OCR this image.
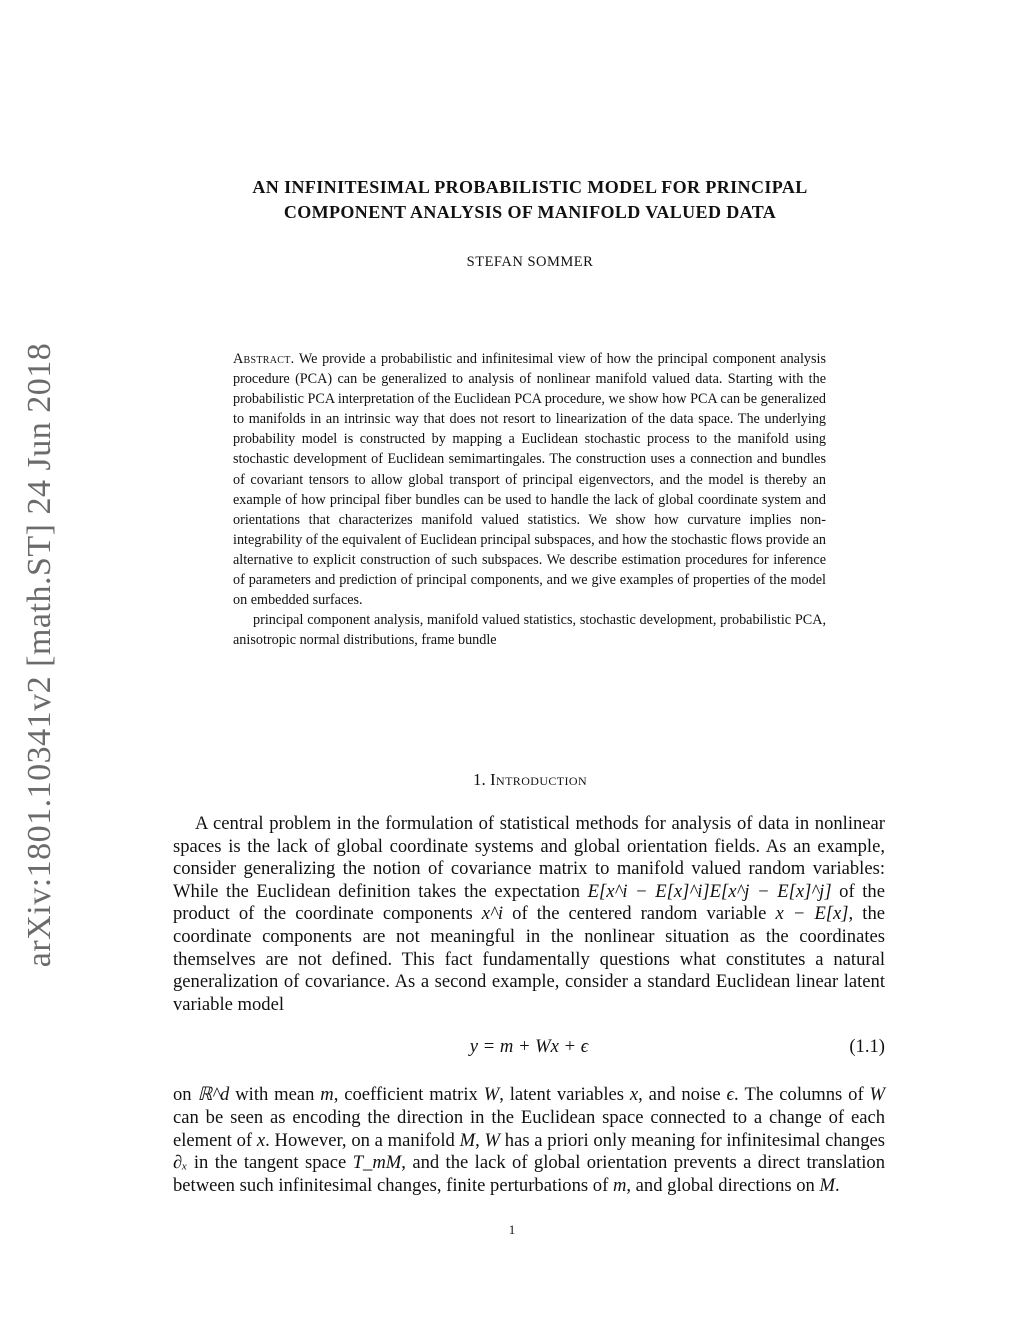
arXiv:1801.10341v2 [math.ST] 24 Jun 2018
AN INFINITESIMAL PROBABILISTIC MODEL FOR PRINCIPAL
COMPONENT ANALYSIS OF MANIFOLD VALUED DATA
STEFAN SOMMER

Abstract. We provide a probabilistic and infinitesimal view of how the principal component analysis procedure (PCA) can be generalized to analysis of nonlinear manifold valued data. Starting with the probabilistic PCA interpretation of the Euclidean PCA procedure, we show how PCA can be generalized to manifolds in an intrinsic way that does not resort to linearization of the data space. The underlying probability model is constructed by mapping a Euclidean stochastic process to the manifold using stochastic development of Euclidean semimartingales. The construction uses a connection and bundles of covariant tensors to allow global transport of principal eigenvectors, and the model is thereby an example of how principal fiber bundles can be used to handle the lack of global coordinate system and orientations that characterizes manifold valued statistics. We show how curvature implies non-integrability of the equivalent of Euclidean principal subspaces, and how the stochastic flows provide an alternative to explicit construction of such subspaces. We describe estimation procedures for inference of parameters and prediction of principal components, and we give examples of properties of the model on embedded surfaces.

principal component analysis, manifold valued statistics, stochastic development, probabilistic PCA, anisotropic normal distributions, frame bundle

1. Introduction

A central problem in the formulation of statistical methods for analysis of data in nonlinear spaces is the lack of global coordinate systems and global orientation fields. As an example, consider generalizing the notion of covariance matrix to manifold valued random variables: While the Euclidean definition takes the expectation E[x^i − E[x]^i]E[x^j − E[x]^j] of the product of the coordinate components x^i of the centered random variable x − E[x], the coordinate components are not meaningful in the nonlinear situation as the coordinates themselves are not defined. This fact fundamentally questions what constitutes a natural generalization of covariance. As a second example, consider a standard Euclidean linear latent variable model

y = m + Wx + ϵ	(1.1)

on ℝ^d with mean m, coefficient matrix W, latent variables x, and noise ϵ. The columns of W can be seen as encoding the direction in the Euclidean space connected to a change of each element of x. However, on a manifold M, W has a priori only meaning for infinitesimal changes ∂ₓ in the tangent space T_mM, and the lack of global orientation prevents a direct translation between such infinitesimal changes, finite perturbations of m, and global directions on M.

1
